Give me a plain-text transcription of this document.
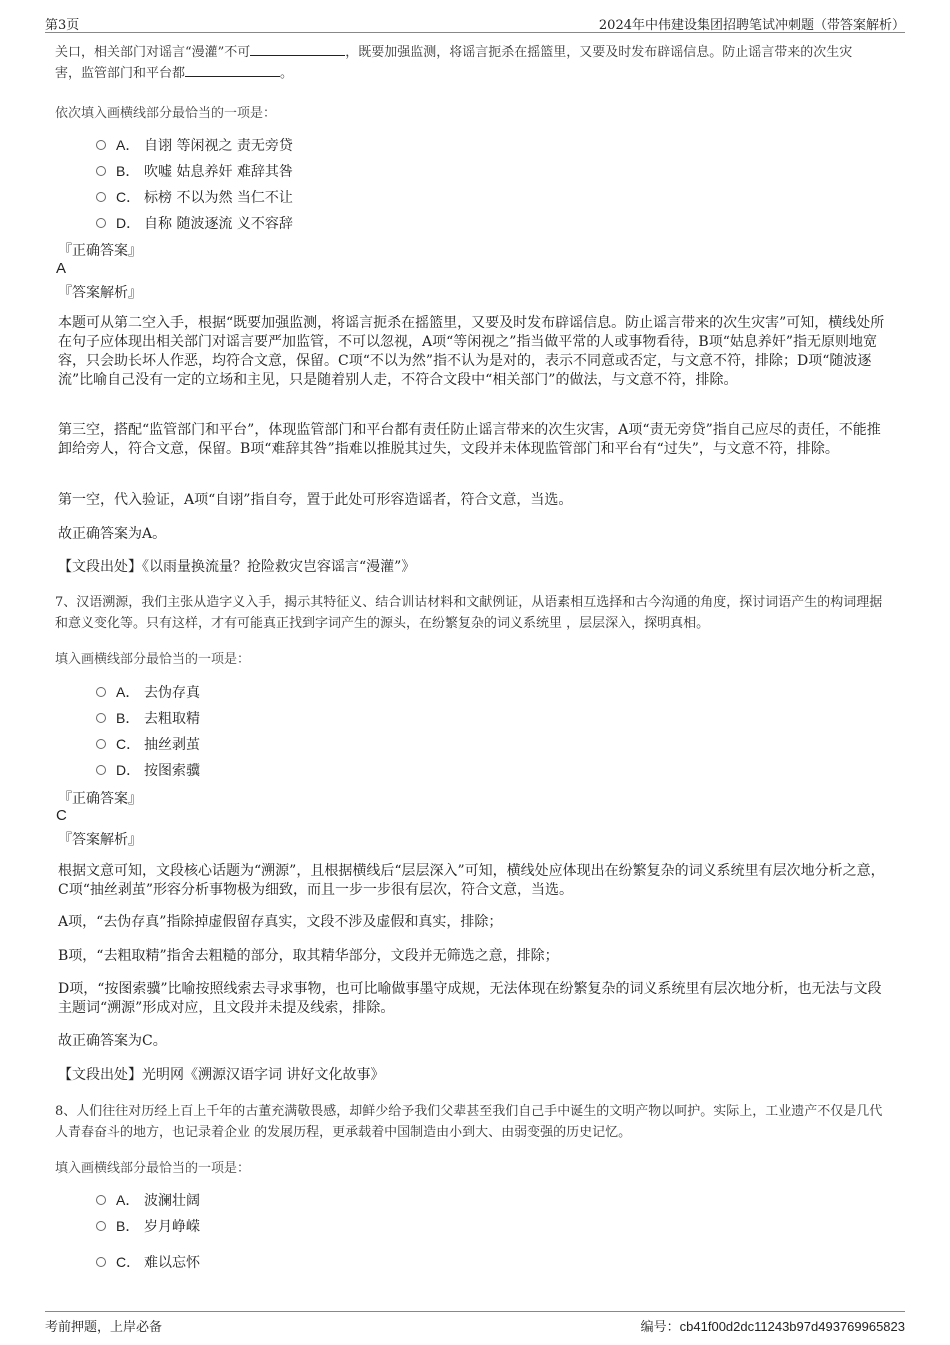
第3页	2024年中伟建设集团招聘笔试冲刺题（带答案解析）
关口，相关部门对谣言“漫灌”不可	，既要加强监测，将谣言扼杀在摇篮里，又要及时发布辟谣信息。防止谣言带来的次生灾
害，监管部门和平台都	。
依次填入画横线部分最恰当的一项是：
A． 自诩 等闲视之 责无旁贷
B． 吹嘘 姑息养奸 难辞其咎
C． 标榜 不以为然 当仁不让
D． 自称 随波逐流 义不容辞
『正确答案』
A
『答案解析』
本题可从第二空入手，根据“既要加强监测，将谣言扼杀在摇篮里，又要及时发布辟谣信息。防止谣言带来的次生灾害”可知，横线处所在句子应体现出相关部门对谣言要严加监管，不可以忽视，A项“等闲视之”指当做平常的人或事物看待，B项“姑息养奸”指无原则地宽容，只会助长坏人作恶，均符合文意，保留。C项“不以为然”指不认为是对的，表示不同意或否定，与文意不符，排除；D项“随波逐流”比喻自己没有一定的立场和主见，只是随着别人走，不符合文段中“相关部门”的做法，与文意不符，排除。
第三空，搭配“监管部门和平台”，体现监管部门和平台都有责任防止谣言带来的次生灾害，A项“责无旁贷”指自己应尽的责任，不能推卸给旁人，符合文意，保留。B项“难辞其咎”指难以推脱其过失，文段并未体现监管部门和平台有“过失”，与文意不符，排除。
第一空，代入验证，A项“自诩”指自夸，置于此处可形容造谣者，符合文意，当选。
故正确答案为A。
【文段出处】《以雨量换流量？抢险救灾岂容谣言“漫灌”》
7、汉语溯源，我们主张从造字义入手，揭示其特征义、结合训诂材料和文献例证，从语素相互选择和古今沟通的角度，探讨词语产生的构词理据和意义变化等。只有这样，才有可能真正找到字词产生的源头，在纷繁复杂的词义系统里 ，层层深入，探明真相。
填入画横线部分最恰当的一项是：
A． 去伪存真
B． 去粗取精
C． 抽丝剥茧
D． 按图索骥
『正确答案』
C
『答案解析』
根据文意可知，文段核心话题为“溯源”，且根据横线后“层层深入”可知，横线处应体现出在纷繁复杂的词义系统里有层次地分析之意，C项“抽丝剥茧”形容分析事物极为细致，而且一步一步很有层次，符合文意，当选。
A项，“去伪存真”指除掉虚假留存真实，文段不涉及虚假和真实，排除；
B项，“去粗取精”指舍去粗糙的部分，取其精华部分，文段并无筛选之意，排除；
D项，“按图索骥”比喻按照线索去寻求事物，也可比喻做事墨守成规，无法体现在纷繁复杂的词义系统里有层次地分析，也无法与文段主题词“溯源”形成对应，且文段并未提及线索，排除。
故正确答案为C。
【文段出处】光明网《溯源汉语字词 讲好文化故事》
8、人们往往对历经上百上千年的古董充满敬畏感，却鲜少给予我们父辈甚至我们自己手中诞生的文明产物以呵护。实际上，工业遗产不仅是几代人青春奋斗的地方，也记录着企业 的发展历程，更承载着中国制造由小到大、由弱变强的历史记忆。
填入画横线部分最恰当的一项是：
A． 波澜壮阔
B． 岁月峥嵘
C． 难以忘怀
考前押题，上岸必备	编号：cb41f00d2dc11243b97d493769965823
